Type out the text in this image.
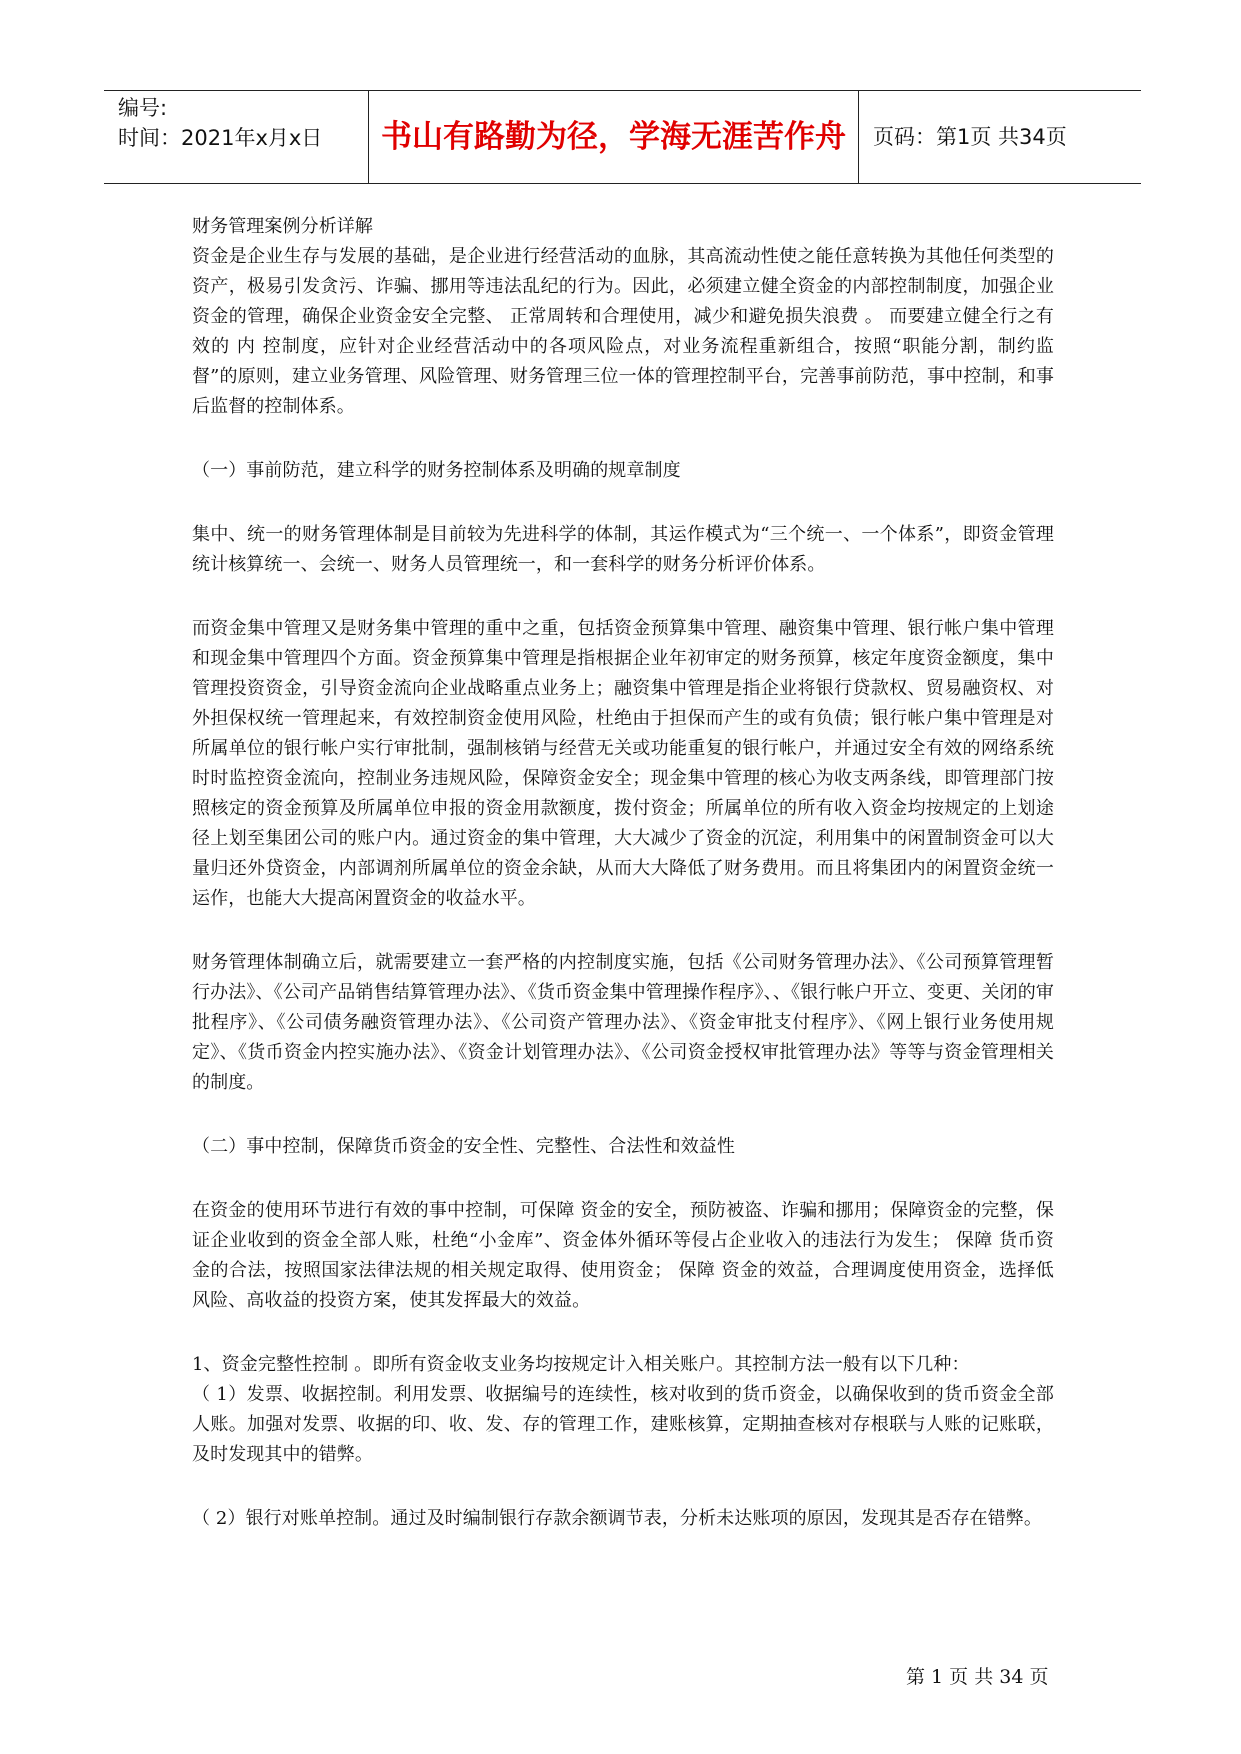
编号:
时间：2021年x月x日	书山有路勤为径，学海无涯苦作舟	页码：第1页 共34页

财务管理案例分析详解

资金是企业生存与发展的基础，是企业进行经营活动的血脉，其高流动性使之能任意转换为其他任何类型的资产，极易引发贪污、诈骗、挪用等违法乱纪的行为。因此，必须建立健全资金的内部控制制度，加强企业资金的管理，确保企业资金安全完整、 正常周转和合理使用，减少和避免损失浪费 。 而要建立健全行之有效的 内 控制度，应针对企业经营活动中的各项风险点，对业务流程重新组合，按照“职能分割，制约监督”的原则，建立业务管理、风险管理、财务管理三位一体的管理控制平台，完善事前防范，事中控制，和事后监督的控制体系。

（一）事前防范，建立科学的财务控制体系及明确的规章制度

集中、统一的财务管理体制是目前较为先进科学的体制，其运作模式为“三个统一、一个体系”，即资金管理统计核算统一、会统一、财务人员管理统一，和一套科学的财务分析评价体系。

而资金集中管理又是财务集中管理的重中之重，包括资金预算集中管理、融资集中管理、银行帐户集中管理和现金集中管理四个方面。资金预算集中管理是指根据企业年初审定的财务预算，核定年度资金额度，集中管理投资资金，引导资金流向企业战略重点业务上；融资集中管理是指企业将银行贷款权、贸易融资权、对外担保权统一管理起来，有效控制资金使用风险，杜绝由于担保而产生的或有负债；银行帐户集中管理是对所属单位的银行帐户实行审批制，强制核销与经营无关或功能重复的银行帐户，并通过安全有效的网络系统时时监控资金流向，控制业务违规风险，保障资金安全；现金集中管理的核心为收支两条线，即管理部门按照核定的资金预算及所属单位申报的资金用款额度，拨付资金；所属单位的所有收入资金均按规定的上划途径上划至集团公司的账户内。通过资金的集中管理，大大减少了资金的沉淀，利用集中的闲置制资金可以大量归还外贷资金，内部调剂所属单位的资金余缺，从而大大降低了财务费用。而且将集团内的闲置资金统一运作，也能大大提高闲置资金的收益水平。

财务管理体制确立后，就需要建立一套严格的内控制度实施，包括《公司财务管理办法》、《公司预算管理暂行办法》、《公司产品销售结算管理办法》、《货币资金集中管理操作程序》、、《银行帐户开立、变更、关闭的审批程序》、《公司债务融资管理办法》、《公司资产管理办法》、《资金审批支付程序》、《网上银行业务使用规定》、《货币资金内控实施办法》、《资金计划管理办法》、《公司资金授权审批管理办法》等等与资金管理相关的制度。

（二）事中控制，保障货币资金的安全性、完整性、合法性和效益性

在资金的使用环节进行有效的事中控制，可保障 资金的安全，预防被盗、诈骗和挪用；保障资金的完整，保证企业收到的资金全部人账，杜绝“小金库”、资金体外循环等侵占企业收入的违法行为发生； 保障 货币资金的合法，按照国家法律法规的相关规定取得、使用资金； 保障 资金的效益，合理调度使用资金，选择低风险、高收益的投资方案，使其发挥最大的效益。

1、资金完整性控制 。即所有资金收支业务均按规定计入相关账户。其控制方法一般有以下几种：

（ 1）发票、收据控制。利用发票、收据编号的连续性，核对收到的货币资金，以确保收到的货币资金全部人账。加强对发票、收据的印、收、发、存的管理工作，建账核算，定期抽查核对存根联与人账的记账联，及时发现其中的错弊。

（ 2）银行对账单控制。通过及时编制银行存款余额调节表，分析未达账项的原因，发现其是否存在错弊。

第 1 页 共 34 页
